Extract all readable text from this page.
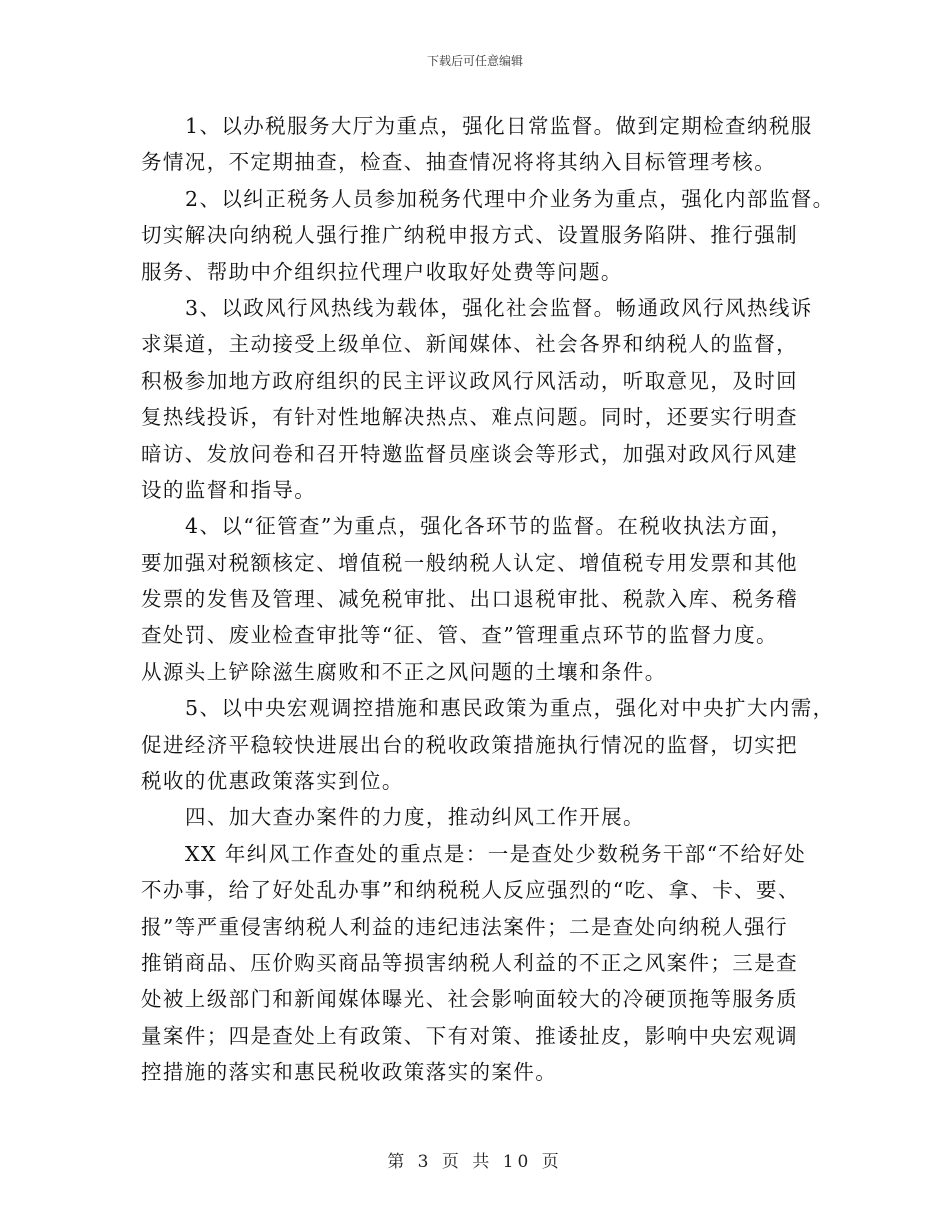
下载后可任意编辑
1、以办税服务大厅为重点，强化日常监督。做到定期检查纳税服
务情况，不定期抽查，检查、抽查情况将将其纳入目标管理考核。
2、以纠正税务人员参加税务代理中介业务为重点，强化内部监督。
切实解决向纳税人强行推广纳税申报方式、设置服务陷阱、推行强制
服务、帮助中介组织拉代理户收取好处费等问题。
3、以政风行风热线为载体，强化社会监督。畅通政风行风热线诉
求渠道，主动接受上级单位、新闻媒体、社会各界和纳税人的监督，
积极参加地方政府组织的民主评议政风行风活动，听取意见，及时回
复热线投诉，有针对性地解决热点、难点问题。同时，还要实行明查
暗访、发放问卷和召开特邀监督员座谈会等形式，加强对政风行风建
设的监督和指导。
4、以“征管查”为重点，强化各环节的监督。在税收执法方面，
要加强对税额核定、增值税一般纳税人认定、增值税专用发票和其他
发票的发售及管理、减免税审批、出口退税审批、税款入库、税务稽
查处罚、废业检查审批等“征、管、查”管理重点环节的监督力度。
从源头上铲除滋生腐败和不正之风问题的土壤和条件。
5、以中央宏观调控措施和惠民政策为重点，强化对中央扩大内需，
促进经济平稳较快进展出台的税收政策措施执行情况的监督，切实把
税收的优惠政策落实到位。
四、加大查办案件的力度，推动纠风工作开展。
XX 年纠风工作查处的重点是：一是查处少数税务干部“不给好处
不办事，给了好处乱办事”和纳税税人反应强烈的“吃、拿、卡、要、
报”等严重侵害纳税人利益的违纪违法案件；二是查处向纳税人强行
推销商品、压价购买商品等损害纳税人利益的不正之风案件；三是查
处被上级部门和新闻媒体曝光、社会影响面较大的冷硬顶拖等服务质
量案件；四是查处上有政策、下有对策、推诿扯皮，影响中央宏观调
控措施的落实和惠民税收政策落实的案件。
第 3 页 共 10 页
